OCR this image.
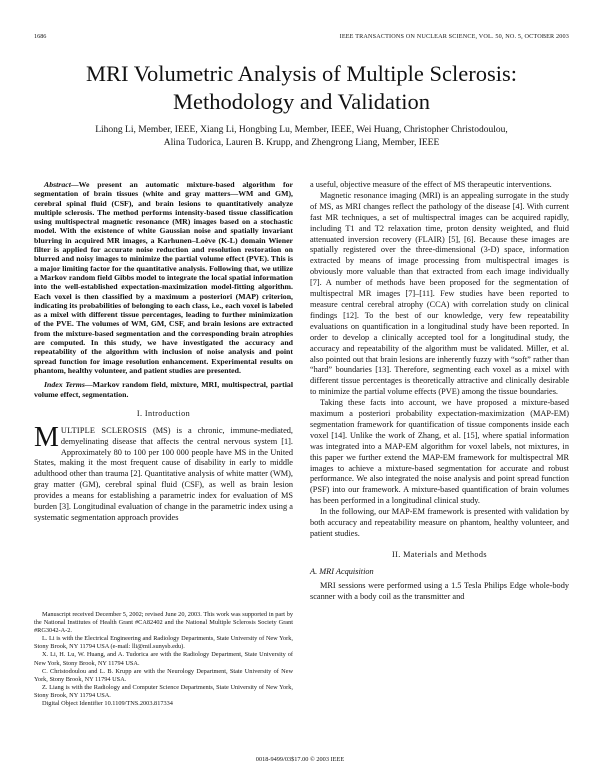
1686	IEEE TRANSACTIONS ON NUCLEAR SCIENCE, VOL. 50, NO. 5, OCTOBER 2003
MRI Volumetric Analysis of Multiple Sclerosis:
Methodology and Validation
Lihong Li, Member, IEEE, Xiang Li, Hongbing Lu, Member, IEEE, Wei Huang, Christopher Christodoulou,
Alina Tudorica, Lauren B. Krupp, and Zhengrong Liang, Member, IEEE

Abstract—We present an automatic mixture-based algorithm for segmentation of brain tissues (white and gray matters—WM and GM), cerebral spinal fluid (CSF), and brain lesions to quantitatively analyze multiple sclerosis. The method performs intensity-based tissue classification using multispectral magnetic resonance (MR) images based on a stochastic model. With the existence of white Gaussian noise and spatially invariant blurring in acquired MR images, a Karhunen–Loève (K-L) domain Wiener filter is applied for accurate noise reduction and resolution restoration on blurred and noisy images to minimize the partial volume effect (PVE). This is a major limiting factor for the quantitative analysis. Following that, we utilize a Markov random field Gibbs model to integrate the local spatial information into the well-established expectation-maximization model-fitting algorithm. Each voxel is then classified by a maximum a posteriori (MAP) criterion, indicating its probabilities of belonging to each class, i.e., each voxel is labeled as a mixel with different tissue percentages, leading to further minimization of the PVE. The volumes of WM, GM, CSF, and brain lesions are extracted from the mixture-based segmentation and the corresponding brain atrophies are computed. In this study, we have investigated the accuracy and repeatability of the algorithm with inclusion of noise analysis and point spread function for image resolution enhancement. Experimental results on phantom, healthy volunteer, and patient studies are presented.

Index Terms—Markov random field, mixture, MRI, multispectral, partial volume effect, segmentation.

I. Introduction

MULTIPLE SCLEROSIS (MS) is a chronic, immune-mediated, demyelinating disease that affects the central nervous system [1]. Approximately 80 to 100 per 100 000 people have MS in the United States, making it the most frequent cause of disability in early to middle adulthood other than trauma [2]. Quantitative analysis of white matter (WM), gray matter (GM), cerebral spinal fluid (CSF), as well as brain lesion provides a means for establishing a parametric index for evaluation of MS burden [3]. Longitudinal evaluation of change in the parametric index using a systematic segmentation approach provides

Manuscript received December 5, 2002; revised June 20, 2003. This work was supported in part by the National Institutes of Health Grant #CA82402 and the National Multiple Sclerosis Society Grant #RG3042-A-2.

L. Li is with the Electrical Engineering and Radiology Departments, State University of New York, Stony Brook, NY 11794 USA (e-mail: lli@mil.sunysb.edu).

X. Li, H. Lu, W. Huang, and A. Tudorica are with the Radiology Department, State University of New York, Stony Brook, NY 11794 USA.

C. Christodoulou and L. B. Krupp are with the Neurology Department, State University of New York, Stony Brook, NY 11794 USA.

Z. Liang is with the Radiology and Computer Science Departments, State University of New York, Stony Brook, NY 11794 USA.

Digital Object Identifier 10.1109/TNS.2003.817334

a useful, objective measure of the effect of MS therapeutic interventions.

Magnetic resonance imaging (MRI) is an appealing surrogate in the study of MS, as MRI changes reflect the pathology of the disease [4]. With current fast MR techniques, a set of multispectral images can be acquired rapidly, including T1 and T2 relaxation time, proton density weighted, and fluid attenuated inversion recovery (FLAIR) [5], [6]. Because these images are spatially registered over the three-dimensional (3-D) space, information extracted by means of image processing from multispectral images is obviously more valuable than that extracted from each image individually [7]. A number of methods have been proposed for the segmentation of multispectral MR images [7]–[11]. Few studies have been reported to measure central cerebral atrophy (CCA) with correlation study on clinical findings [12]. To the best of our knowledge, very few repeatability evaluations on quantification in a longitudinal study have been reported. In order to develop a clinically accepted tool for a longitudinal study, the accuracy and repeatability of the algorithm must be validated. Miller, et al. also pointed out that brain lesions are inherently fuzzy with “soft” rather than “hard” boundaries [13]. Therefore, segmenting each voxel as a mixel with different tissue percentages is theoretically attractive and clinically desirable to minimize the partial volume effects (PVE) among the tissue boundaries.

Taking these facts into account, we have proposed a mixture-based maximum a posteriori probability expectation-maximization (MAP-EM) segmentation framework for quantification of tissue components inside each voxel [14]. Unlike the work of Zhang, et al. [15], where spatial information was integrated into a MAP-EM algorithm for voxel labels, not mixtures, in this paper we further extend the MAP-EM framework for multispectral MR images to achieve a mixture-based segmentation for accurate and robust performance. We also integrated the noise analysis and point spread function (PSF) into our framework. A mixture-based quantification of brain volumes has been performed in a longitudinal clinical study.

In the following, our MAP-EM framework is presented with validation by both accuracy and repeatability measure on phantom, healthy volunteer, and patient studies.

II. Materials and Methods

A. MRI Acquisition

MRI sessions were performed using a 1.5 Tesla Philips Edge whole-body scanner with a body coil as the transmitter and

0018-9499/03$17.00 © 2003 IEEE
